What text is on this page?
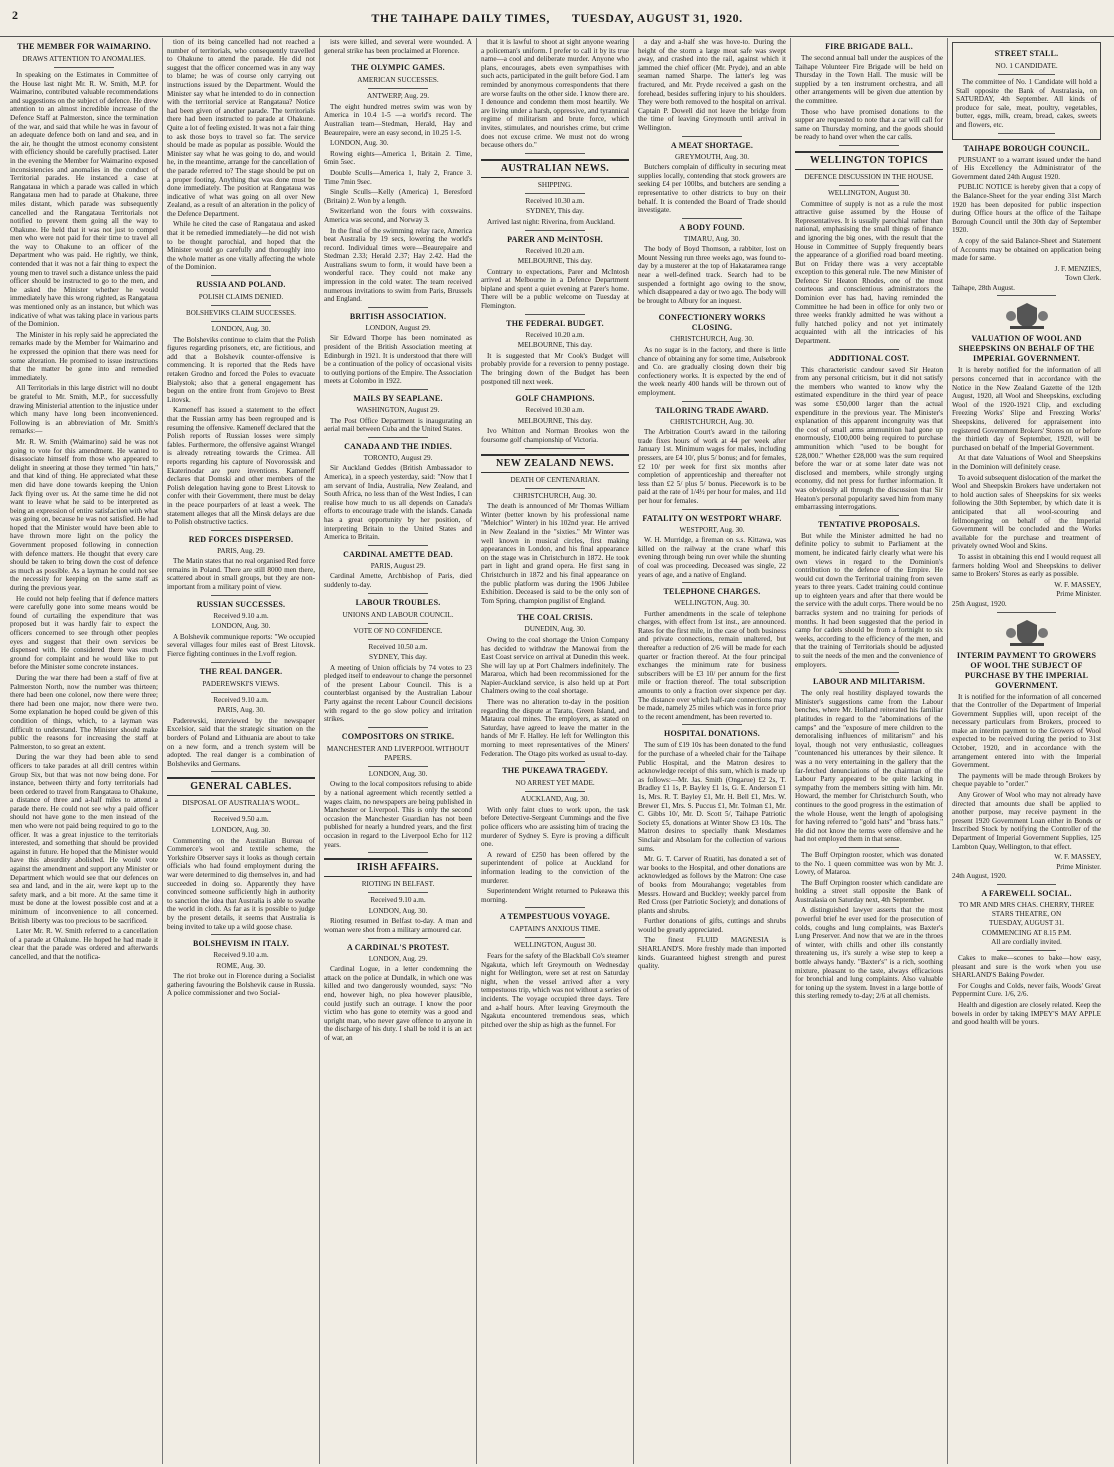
2	THE TAIHAPE DAILY TIMES, TUESDAY, AUGUST 31, 1920.
THE MEMBER FOR WAIMARINO.
DRAWS ATTENTION TO ANOMALIES.

In speaking on the Estimates in Committee of the House last night Mr. R. W. Smith, M.P. for Waimarino, contributed valuable recommendations and suggestions on the subject of defence. He drew attention to an almost incredible increase of the Defence Staff at Palmerston, since the termination of the war, and said that while he was in favour of an adequate defence both on land and sea, and in the air, he thought the utmost economy consistent with efficiency should be carefully practised. Later in the evening the Member for Waimarino exposed inconsistencies and anomalies in the conduct of Territorial parades. He instanced a case at Rangataua in which a parade was called in which Rangataua men had to parade at Ohakune, three miles distant, which parade was subsequently cancelled and the Rangataua Territorials not notified to prevent them going all the way to Ohakune. He held that it was not just to compel men who were not paid for their time to travel all the way to Ohakune to an officer of the Department who was paid. He rightly, we think, contended that it was not a fair thing to expect the young men to travel such a distance unless the paid officer should be instructed to go to the men, and he asked the Minister whether he would immediately have this wrong righted, as Rangataua was mentioned only as an instance, but which was indicative of what was taking place in various parts of the Dominion.

The Minister in his reply said he appreciated the remarks made by the Member for Waimarino and he expressed the opinion that there was need for some alteration. He promised to issue instructions that the matter be gone into and remedied immediately.

All Territorials in this large district will no doubt be grateful to Mr. Smith, M.P., for successfully drawing Ministerial attention to the injustice under which many have long been inconvenienced. Following is an abbreviation of Mr. Smith's remarks:—

Mr. R. W. Smith (Waimarino) said he was not going to vote for this amendment. He wanted to disassociate himself from those who appeared to delight in sneering at those they termed "tin hats," and that kind of thing. He appreciated what these men did have done towards keeping the Union Jack flying over us. At the same time he did not want to leave what he said to be interpreted as being an expression of entire satisfaction with what was going on, because he was not satisfied. He had hoped that the Minister would have been able to have thrown more light on the policy the Government proposed following in connection with defence matters. He thought that every care should be taken to bring down the cost of defence as much as possible. As a layman he could not see the necessity for keeping on the same staff as during the previous year.

He could not help feeling that if defence matters were carefully gone into some means would be found of curtailing the expenditure that was proposed but it was hardly fair to expect the officers concerned to see through other peoples eyes and suggest that their own services be dispensed with. He considered there was much ground for complaint and he would like to put before the Minister some concrete instances.

During the war there had been a staff of five at Palmerston North, now the number was thirteen; there had been one colonel, now there were three; there had been one major, now there were two. Some explanation he hoped could be given of this condition of things, which, to a layman was difficult to understand. The Minister should make public the reasons for increasing the staff at Palmerston, to so great an extent.

During the war they had been able to send officers to take parades at all drill centres within Group Six, but that was not now being done. For instance, between thirty and forty territorials had been ordered to travel from Rangataua to Ohakune, a distance of three and a-half miles to attend a parade there. He could not see why a paid officer should not have gone to the men instead of the men who were not paid being required to go to the officer. It was a great injustice to the territorials interested, and something that should be provided against in future. He hoped that the Minister would have this absurdity abolished. He would vote against the amendment and support any Minister or Department which would see that our defences on sea and land, and in the air, were kept up to the safety mark, and a bit more. At the same time it must be done at the lowest possible cost and at a minimum of inconvenience to all concerned. British liberty was too precious to be sacrificed.

Later Mr. R. W. Smith referred to a cancellation of a parade at Ohakune. He hoped he had made it clear that the parade was ordered and afterwards cancelled, and that the notifica-

tion of its being cancelled had not reached a number of territorials, who consequently travelled to Ohakune to attend the parade. He did not suggest that the officer concerned was in any way to blame; he was of course only carrying out instructions issued by the Department. Would the Minister say what he intended to do in connection with the territorial service at Rangataua? Notice had been given of another parade. The territorials there had been instructed to parade at Ohakune. Quite a lot of feeling existed. It was not a fair thing to ask those boys to travel so far. The service should be made as popular as possible. Would the Minister say what he was going to do, and would he, in the meantime, arrange for the cancellation of the parade referred to? The stage should be put on a proper footing. Anything that was done must be done immediately. The position at Rangataua was indicative of what was going on all over New Zealand, as a result of an alteration in the policy of the Defence Department.

While he cited the case of Rangataua and asked that it be remedied immediately—he did not wish to be thought parochial, and hoped that the Minister would go carefully and thoroughly into the whole matter as one vitally affecting the whole of the Dominion.

RUSSIA AND POLAND.
POLISH CLAIMS DENIED.
BOLSHEVIKS CLAIM SUCCESSES.
LONDON, Aug. 30.

The Bolsheviks continue to claim that the Polish figures regarding prisoners, etc, are fictitious, and add that a Bolshevik counter-offensive is commencing. It is reported that the Reds have retaken Grodno and forced the Poles to evacuate Bialystok; also that a general engagement has begun on the entire front from Grojevo to Brest Litovsk.

Kameneff has issued a statement to the effect that the Russian army has been regrouped and is resuming the offensive. Kameneff declared that the Polish reports of Russian losses were simply fables. Furthermore, the offensive against Wrangel is already retreating towards the Crimea. All reports regarding his capture of Novorossisk and Ekaterinodar are pure inventions. Kameneff declares that Domski and other members of the Polish delegation having gone to Brest Litovsk to confer with their Government, there must be delay in the peace pourparlers of at least a week. The statement alleges that all the Minsk delays are due to Polish obstructive tactics.

RED FORCES DISPERSED.
PARIS, Aug. 29.

The Matin states that no real organised Red force remains in Poland. There are still 8000 men there, scattered about in small groups, but they are non-important from a military point of view.

RUSSIAN SUCCESSES.
Received 9.10 a.m.
LONDON, Aug. 30.

A Bolshevik communique reports: "We occupied several villages four miles east of Brest Litovsk. Fierce fighting continues in the Lvoff region.

THE REAL DANGER.
PADEREWSKI'S VIEWS.
Received 9.10 a.m.
PARIS, Aug. 30.

Paderewski, interviewed by the newspaper Excelsior, said that the strategic situation on the borders of Poland and Lithuania are about to take on a new form, and a trench system will be adopted. The real danger is a combination of Bolsheviks and Germans.

GENERAL CABLES.
DISPOSAL OF AUSTRALIA'S WOOL.
Received 9.50 a.m.
LONDON, Aug. 30.

Commenting on the Australian Bureau of Commerce's wool and textile scheme, the Yorkshire Observer says it looks as though certain officials who had found employment during the war were determined to dig themselves in, and had succeeded in doing so. Apparently they have convinced someone sufficiently high in authority to sanction the idea that Australia is able to swathe the world in cloth. As far as it is possible to judge by the present details, it seems that Australia is being invited to take up a wild goose chase.

BOLSHEVISM IN ITALY.
Received 9.10 a.m.
ROME, Aug. 30.

The riot broke out in Florence during a Socialist gathering favouring the Bolshevik cause in Russia. A police commissioner and two Social-

ists were killed, and several were wounded. A general strike has been proclaimed at Florence.

THE OLYMPIC GAMES.
AMERICAN SUCCESSES.
ANTWERP, Aug. 29.

The eight hundred metres swim was won by America in 10.4 1-5 —a world's record. The Australian team—Stedman, Herald, Hay and Beaurepaire, were an easy second, in 10.25 1-5.

LONDON, Aug. 30.

Rowing eights—America 1, Britain 2. Time, 6min 5sec.

Double Sculls—America 1, Italy 2, France 3. Time 7min 9sec.

Single Sculls—Kelly (America) 1, Beresford (Britain) 2. Won by a length.

Switzerland won the fours with coxswains. America was second, and Norway 3.

In the final of the swimming relay race, America beat Australia by 19 secs, lowering the world's record. Individual times were—Beaurepaire and Stedman 2.33; Herald 2.37; Hay 2.42. Had the Australians swum to form, it would have been a wonderful race. They could not make any impression in the cold water. The team received numerous invitations to swim from Paris, Brussels and England.

BRITISH ASSOCIATION.
LONDON, August 29.

Sir Edward Thorpe has been nominated as president of the British Association meeting at Edinburgh in 1921. It is understood that there will be a continuation of the policy of occasional visits to outlying portions of the Empire. The Association meets at Colombo in 1922.

MAILS BY SEAPLANE.
WASHINGTON, August 29.

The Post Office Department is inaugurating an aerial mail between Cuba and the United States.

CANADA AND THE INDIES.
TORONTO, August 29.

Sir Auckland Geddes (British Ambassador to America), in a speech yesterday, said: "Now that I am servant of India, Australia, New Zealand, and South Africa, no less than of the West Indies, I can realise how much to us all depends on Canada's efforts to encourage trade with the islands. Canada has a great opportunity by her position, of interpreting Britain to the United States and America to Britain.

CARDINAL AMETTE DEAD.
PARIS, August 29.

Cardinal Amette, Archbishop of Paris, died suddenly to-day.

LABOUR TROUBLES.
UNIONS AND LABOUR COUNCIL.
VOTE OF NO CONFIDENCE.
Received 10.50 a.m.
SYDNEY, This day.

A meeting of Union officials by 74 votes to 23 pledged itself to endeavour to change the personnel of the present Labour Council. This is a counterblast organised by the Australian Labour Party against the recent Labour Council decisions with regard to the go slow policy and irritation strikes.

COMPOSITORS ON STRIKE.
MANCHESTER AND LIVERPOOL WITHOUT PAPERS.
LONDON, Aug. 30.

Owing to the local compositors refusing to abide by a national agreement which recently settled a wages claim, no newspapers are being published in Manchester or Liverpool. This is only the second occasion the Manchester Guardian has not been published for nearly a hundred years, and the first occasion in regard to the Liverpool Echo for 112 years.

IRISH AFFAIRS.
RIOTING IN BELFAST.
Received 9.10 a.m.
LONDON, Aug. 30.

Rioting resumed in Belfast to-day. A man and woman were shot from a military armoured car.

A CARDINAL'S PROTEST.
LONDON, Aug. 29.

Cardinal Logue, in a letter condemning the attack on the police at Dundalk, in which one was killed and two dangerously wounded, says: "No end, however high, no plea however plausible, could justify such an outrage. I know the poor victim who has gone to eternity was a good and upright man, who never gave offence to anyone in the discharge of his duty. I shall be told it is an act of war, an

that it is lawful to shoot at sight anyone wearing a policeman's uniform. I prefer to call it by its true name—a cool and deliberate murder. Anyone who plans, encourages, abets even sympathises with such acts, participated in the guilt before God. I am reminded by anonymous correspondents that there are worse faults on the other side. I know there are. I denounce and condemn them most heartily. We are living under a harsh, oppressive, and tyrannical regime of militarism and brute force, which invites, stimulates, and nourishes crime, but crime does not excuse crime. We must not do wrong because others do."

AUSTRALIAN NEWS.
SHIPPING.
Received 10.30 a.m.
SYDNEY, This day.

Arrived last night: Riverina, from Auckland.

PARER AND McINTOSH.
Received 10.20 a.m.
MELBOURNE, This day.

Contrary to expectations, Parer and McIntosh arrived at Melbourne in a Defence Department biplane and spent a quiet evening at Parer's home. There will be a public welcome on Tuesday at Flemington.

THE FEDERAL BUDGET.
Received 10.20 a.m.
MELBOURNE, This day.

It is suggested that Mr Cook's Budget will probably provide for a reversion to penny postage. The bringing down of the Budget has been postponed till next week.

GOLF CHAMPIONS.
Received 10.30 a.m.
MELBOURNE, This day.

Ivo Whitton and Norman Brookes won the foursome golf championship of Victoria.

NEW ZEALAND NEWS.
DEATH OF CENTENARIAN.
CHRISTCHURCH, Aug. 30.

The death is announced of Mr Thomas William Winter (better known by his professional name "Melchior" Winter) in his 102nd year. He arrived in New Zealand in the "sixties." Mr Winter was well known in musical circles, first making appearances in London, and his final appearance on the stage was in Christchurch in 1872. He took part in light and grand opera. He first sang in Christchurch in 1872 and his final appearance on the public platform was during the 1906 Jubilee Exhibition. Deceased is said to be the only son of Tom Spring, champion pugilist of England.

THE COAL CRISIS.
DUNEDIN, Aug. 30.

Owing to the coal shortage the Union Company has decided to withdraw the Manowai from the East Coast service on arrival at Dunedin this week. She will lay up at Port Chalmers indefinitely. The Mararoa, which had been recommissioned for the Napier-Auckland service, is also held up at Port Chalmers owing to the coal shortage.

There was no alteration to-day in the position regarding the dispute at Taratu, Green Island, and Mataura coal mines. The employers, as stated on Saturday, have agreed to leave the matter in the hands of Mr F. Halley. He left for Wellington this morning to meet representatives of the Miners' Federation. The Otago pits worked as usual to-day.

THE PUKEAWA TRAGEDY.
NO ARREST YET MADE.
AUCKLAND, Aug. 30.

With only faint clues to work upon, the task before Detective-Sergeant Cummings and the five police officers who are assisting him of tracing the murderer of Sydney S. Eyre is proving a difficult one.

A reward of £250 has been offered by the superintendent of police at Auckland for information leading to the conviction of the murderer.

Superintendent Wright returned to Pukeawa this morning.

A TEMPESTUOUS VOYAGE.
CAPTAIN'S ANXIOUS TIME.
WELLINGTON, August 30.

Fears for the safety of the Blackball Co's steamer Ngakuta, which left Greymouth on Wednesday night for Wellington, were set at rest on Saturday night, when the vessel arrived after a very tempestuous trip, which was not without a series of incidents. The voyage occupied three days. Tere and a-half hours. After leaving Greymouth the Ngakuta encountered tremendous seas, which pitched over the ship as high as the funnel. For

a day and a-half she was hove-to. During the height of the storm a large meat safe was swept away, and crashed into the rail, against which it jammed the chief officer (Mr. Pryde), and an able seaman named Sharpe. The latter's leg was fractured, and Mr. Pryde received a gash on the forehead, besides suffering injury to his shoulders. They were both removed to the hospital on arrival. Captain P. Dowell did not leave the bridge from the time of leaving Greymouth until arrival in Wellington.

A MEAT SHORTAGE.
GREYMOUTH, Aug. 30.

Butchers complain of difficulty in securing meat supplies locally, contending that stock growers are seeking £4 per 100lbs, and butchers are sending a representative to other districts to buy on their behalf. It is contended the Board of Trade should investigate.

A BODY FOUND.
TIMARU, Aug. 30.

The body of Boyd Thomson, a rabbiter, lost on Mount Nessing run three weeks ago, was found to-day by a musterer at the top of Hakataramea range near a well-defined track. Search had to be suspended a fortnight ago owing to the snow, which disappeared a day or two ago. The body will be brought to Albury for an inquest.

CONFECTIONERY WORKS CLOSING.
CHRISTCHURCH, Aug. 30.

As no sugar is in the factory, and there is little chance of obtaining any for some time, Aulsebrook and Co. are gradually closing down their big confectionery works. It is expected by the end of the week nearly 400 hands will be thrown out of employment.

TAILORING TRADE AWARD.
CHRISTCHURCH, Aug. 30.

The Arbitration Court's award in the tailoring trade fixes hours of work at 44 per week after January 1st. Minimum wages for males, including pressers, are £4 10/, plus 5/ bonus; and for females, £2 10/ per week for first six months after completion of apprenticeship and thereafter not less than £2 5/ plus 5/ bonus. Piecework is to be paid at the rate of 1/4½ per hour for males, and 11d per hour for females.

FATALITY ON WESTPORT WHARF.
WESTPORT, Aug. 30.

W. H. Murridge, a fireman on s.s. Kittawa, was killed on the railway at the crane wharf this evening through being run over while the shunting of coal was proceeding. Deceased was single, 22 years of age, and a native of England.

TELEPHONE CHARGES.
WELLINGTON, Aug. 30.

Further amendments in the scale of telephone charges, with effect from 1st inst., are announced. Rates for the first mile, in the case of both business and private connections, remain unaltered, but thereafter a reduction of 2/6 will be made for each quarter or fraction thereof. At the four principal exchanges the minimum rate for business subscribers will be £3 10/ per annum for the first mile or fraction thereof. The total subscription amounts to only a fraction over sixpence per day. The distance over which half-rate connections may be made, namely 25 miles which was in force prior to the recent amendment, has been reverted to.

HOSPITAL DONATIONS.

The sum of £19 10s has been donated to the fund for the purchase of a wheeled chair for the Taihape Public Hospital, and the Matron desires to acknowledge receipt of this sum, which is made up as follows:—Mr. Jas. Smith (Ongarue) £2 2s, T. Bradley £1 1s, P. Bayley £1 1s, G. E. Anderson £1 1s, Mrs. R. T. Bayley £1, Mr. H. Bell £1, Mrs. W. Brewer £1, Mrs. S. Puccus £1, Mr. Tolman £1, Mr. C. Gibbs 10/, Mr. D. Scott 5/, Taihape Patriotic Society £5, donations at Winter Show £3 10s. The Matron desires to specially thank Mesdames Sinclair and Absolam for the collection of various sums.

Mr. G. T. Carver of Ruatiti, has donated a set of war books to the Hospital, and other donations are acknowledged as follows by the Matron: One case of books from Mourahango; vegetables from Messrs. Howard and Buckley; weekly parcel from Red Cross (per Patriotic Society); and donations of plants and shrubs.

Further donations of gifts, cuttings and shrubs would be greatly appreciated.

The finest FLUID MAGNESIA is SHARLAND'S. More freshly made than imported kinds. Guaranteed highest strength and purest quality.

FIRE BRIGADE BALL.

The second annual ball under the auspices of the Taihape Volunteer Fire Brigade will be held on Thursday in the Town Hall. The music will be supplied by a ten instrument orchestra, and all other arrangements will be given due attention by the committee.

Those who have promised donations to the supper are requested to note that a car will call for same on Thursday morning, and the goods should be ready to hand over when the car calls.

WELLINGTON TOPICS
DEFENCE DISCUSSION IN THE HOUSE.
WELLINGTON, August 30.

Committee of supply is not as a rule the most attractive guise assumed by the House of Representatives. It is usually parochial rather than national, emphasising the small things of finance and ignoring the big ones, with the result that the House in Committee of Supply frequently bears the appearance of a glorified road board meeting. But on Friday there was a very acceptable exception to this general rule. The new Minister of Defence Sir Heaton Rhodes, one of the most courteous and conscientious administrators the Dominion ever has had, having reminded the Committee he had been in office for only two or three weeks frankly admitted he was without a fully hatched policy and not yet intimately acquainted with all the intricacies of his Department.

ADDITIONAL COST.

This characteristic candour saved Sir Heaton from any personal criticism, but it did not satisfy the members who wanted to know why the estimated expenditure in the third year of peace was some £50,000 larger than the actual expenditure in the previous year. The Minister's explanation of this apparent incongruity was that the cost of small arms ammunition had gone up enormously, £100,000 being required to purchase ammunition which "used to be bought for £28,000." Whether £28,000 was the sum required before the war or at some later date was not disclosed and members, while strongly urging economy, did not press for further information. It was obviously all through the discussion that Sir Heaton's personal popularity saved him from many embarrassing interrogations.

TENTATIVE PROPOSALS.

But while the Minister admitted he had no definite policy to submit to Parliament at the moment, he indicated fairly clearly what were his own views in regard to the Dominion's contribution to the defence of the Empire. He would cut down the Territorial training from seven years to three years. Cadet training could continue up to eighteen years and after that there would be the service with the adult corps. There would be no barracks system and no training for periods of months. It had been suggested that the period in camp for cadets should be from a fortnight to six weeks, according to the efficiency of the men, and that the training of Territorials should be adjusted to suit the needs of the men and the convenience of employers.

LABOUR AND MILITARISM.

The only real hostility displayed towards the Minister's suggestions came from the Labour benches, where Mr. Holland reiterated his familiar platitudes in regard to the "abominations of the camps" and the "exposure of mere children to the demoralising influences of militarism" and his loyal, though not very enthusiastic, colleagues "countenanced his utterances by their silence. It was a no very entertaining in the gallery that the far-fetched denunciations of the chairman of the Labour Party appeared to be quite lacking in sympathy from the members sitting with him. Mr. Howard, the member for Christchurch South, who continues to the good progress in the estimation of the whole House, went the length of apologising for having referred to "gold hats" and "brass hats." He did not know the terms were offensive and he had not employed them in that sense.

The Buff Orpington rooster, which was donated to the No. 1 queen committee was won by Mr. J. Lowry, of Mataroa.

The Buff Orpington rooster which candidate are holding a street stall opposite the Bank of Australasia on Saturday next, 4th September.

A distinguished lawyer asserts that the most powerful brief he ever used for the prosecution of colds, coughs and lung complaints, was Baxter's Lung Preserver. And now that we are in the throes of winter, with chills and other ills constantly threatening us, it's surely a wise step to keep a bottle always handy. "Baxter's" is a rich, soothing mixture, pleasant to the taste, always efficacious for bronchial and lung complaints. Also valuable for toning up the system. Invest in a large bottle of this sterling remedy to-day; 2/6 at all chemists.

STREET STALL.
NO. 1 CANDIDATE.

The committee of No. 1 Candidate will hold a Stall opposite the Bank of Australasia, on SATURDAY, 4th September. All kinds of produce for sale, meat, poultry, vegetables, butter, eggs, milk, cream, bread, cakes, sweets and flowers, etc.

TAIHAPE BOROUGH COUNCIL.

PURSUANT to a warrant issued under the hand of His Excellency the Administrator of the Government dated 24th August 1920.

PUBLIC NOTICE is hereby given that a copy of the Balance-Sheet for the year ending 31st March 1920 has been deposited for public inspection during Office hours at the office of the Taihape Borough Council until the 30th day of September 1920.

A copy of the said Balance-Sheet and Statement of Accounts may be obtained on application being made for same.

J. F. MENZIES,
Town Clerk.
Taihape, 28th August.
VALUATION OF WOOL AND SHEEPSKINS ON BEHALF OF THE IMPERIAL GOVERNMENT.

It is hereby notified for the information of all persons concerned that in accordance with the Notice in the New Zealand Gazette of the 12th August, 1920, all Wool and Sheepskins, excluding Wool of the 1920-1921 Clip, and excluding Freezing Works' Slipe and Freezing Works' Sheepskins, delivered for appraisement into registered Government Brokers' Stores on or before the thirtieth day of September, 1920, will be purchased on behalf of the Imperial Government.

At that date Valuations of Wool and Sheepskins in the Dominion will definitely cease.

To avoid subsequent dislocation of the market the Wool and Sheepskin Brokers have undertaken not to hold auction sales of Sheepskins for six weeks following the 30th September, by which date it is anticipated that all wool-scouring and fellmongering on behalf of the Imperial Government will be concluded and the Works available for the purchase and treatment of privately owned Wool and Skins.

To assist in obtaining this end I would request all farmers holding Wool and Sheepskins to deliver same to Brokers' Stores as early as possible.

W. F. MASSEY,
Prime Minister.
25th August, 1920.
INTERIM PAYMENT TO GROWERS OF WOOL THE SUBJECT OF PURCHASE BY THE IMPERIAL GOVERNMENT.

It is notified for the information of all concerned that the Controller of the Department of Imperial Government Supplies will, upon receipt of the necessary particulars from Brokers, proceed to make an interim payment to the Growers of Wool expected to be received during the period to 31st October, 1920, and in accordance with the arrangement entered into with the Imperial Government.

The payments will be made through Brokers by cheque payable to "order."

Any Grower of Wool who may not already have directed that amounts due shall be applied to another purpose, may receive payment in the present 1920 Government Loan either in Bonds or Inscribed Stock by notifying the Controller of the Department of Imperial Government Supplies, 125 Lambton Quay, Wellington, to that effect.

W. F. MASSEY,
Prime Minister.
24th August, 1920.
A FAREWELL SOCIAL.

TO MR AND MRS CHAS. CHERRY, THREE STARS THEATRE, ON

TUESDAY, AUGUST 31.

COMMENCING AT 8.15 P.M.

All are cordially invited.

Cakes to make—scones to bake—how easy, pleasant and sure is the work when you use SHARLAND'S Baking Powder.

For Coughs and Colds, never fails, Woods' Great Peppermint Cure. 1/6, 2/6.

Health and digestion are closely related. Keep the bowels in order by taking IMPEY'S MAY APPLE and good health will be yours.
